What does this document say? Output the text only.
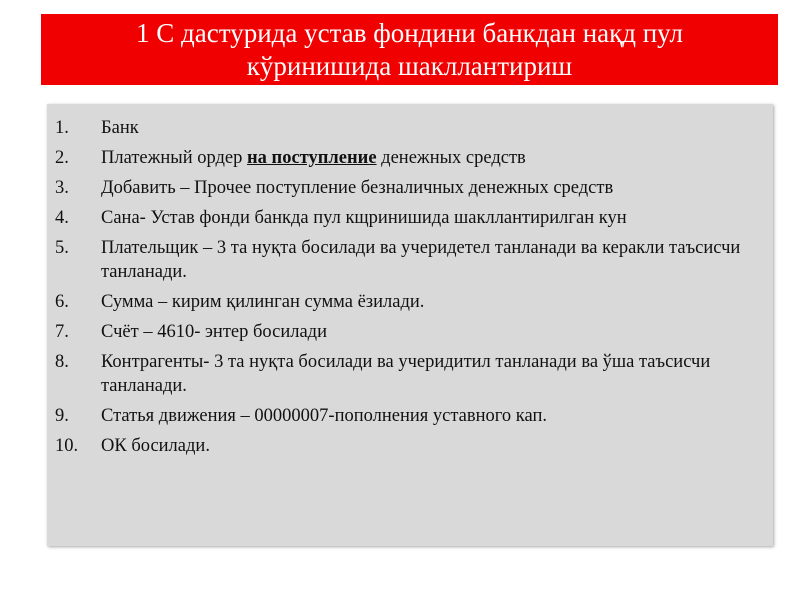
1 С дастурида устав фондини банкдан нақд пул
кўринишида шакллантириш
1. Банк
2. Платежный ордер на поступление денежных средств
3. Добавить – Прочее поступление безналичных денежных средств
4. Сана- Устав фонди банкда пул кщринишида шакллантирилган кун
5. Плательщик – 3 та нуқта босилади ва учеридетел танланади ва керакли таъсисчи танланади.
6. Сумма – кирим қилинган сумма ёзилади.
7. Счёт – 4610- энтер босилади
8. Контрагенты- 3 та нуқта босилади ва учеридитил танланади ва ўша таъсисчи танланади.
9. Статья движения – 00000007-пополнения уставного кап.
10. ОК босилади.
